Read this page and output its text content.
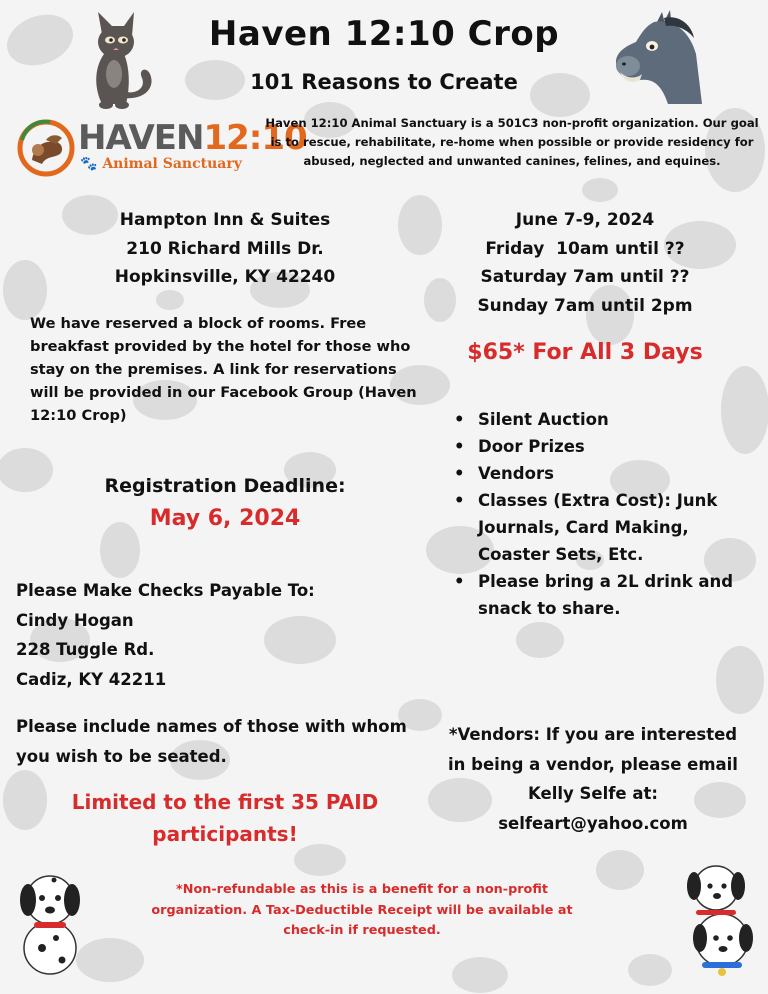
HAVEN12:10
🐾 Animal Sanctuary
Haven 12:10 Crop
101 Reasons to Create
Haven 12:10 Animal Sanctuary is a 501C3 non-profit organization. Our goal is to rescue, rehabilitate, re-home when possible or provide residency for abused, neglected and unwanted canines, felines, and equines.
Hampton Inn & Suites
210 Richard Mills Dr.
Hopkinsville, KY 42240
June 7-9, 2024
Friday  10am until ??
Saturday 7am until ??
Sunday 7am until 2pm
We have reserved a block of rooms. Free breakfast provided by the hotel for those who stay on the premises. A link for reservations will be provided in our Facebook Group (Haven 12:10 Crop)
$65* For All 3 Days
• Silent Auction
• Door Prizes
• Vendors
• Classes (Extra Cost): Junk Journals, Card Making, Coaster Sets, Etc.
• Please bring a 2L drink and snack to share.
Registration Deadline:
May 6, 2024
Please Make Checks Payable To:
Cindy Hogan
228 Tuggle Rd.
Cadiz, KY 42211
Please include names of those with whom you wish to be seated.
*Vendors: If you are interested in being a vendor, please email Kelly Selfe at: selfeart@yahoo.com
Limited to the first 35 PAID participants!
*Non-refundable as this is a benefit for a non-profit organization. A Tax-Deductible Receipt will be available at check-in if requested.
